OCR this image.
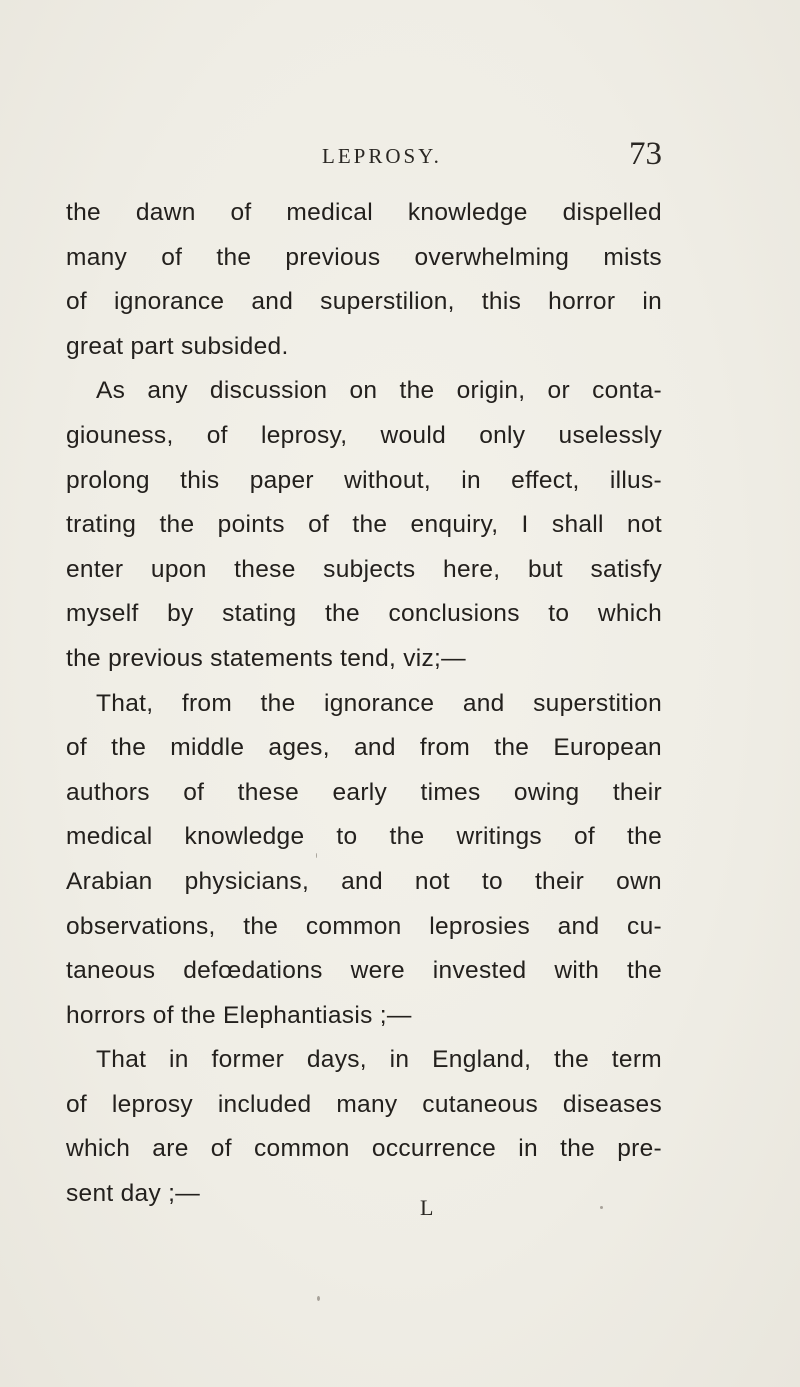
LEPROSY.	73
the dawn of medical knowledge dispelled
many of the previous overwhelming mists
of ignorance and superstilion, this horror in
great part subsided.
As any discussion on the origin, or conta-
giouness, of leprosy, would only uselessly
prolong this paper without, in effect, illus-
trating the points of the enquiry, I shall not
enter upon these subjects here, but satisfy
myself by stating the conclusions to which
the previous statements tend, viz;—
That, from the ignorance and superstition
of the middle ages, and from the European
authors of these early times owing their
medical knowledge to the writings of the
Arabian physicians, and not to their own
observations, the common leprosies and cu-
taneous defœdations were invested with the
horrors of the Elephantiasis ;—
That in former days, in England, the term
of leprosy included many cutaneous diseases
which are of common occurrence in the pre-
sent day ;—
L
